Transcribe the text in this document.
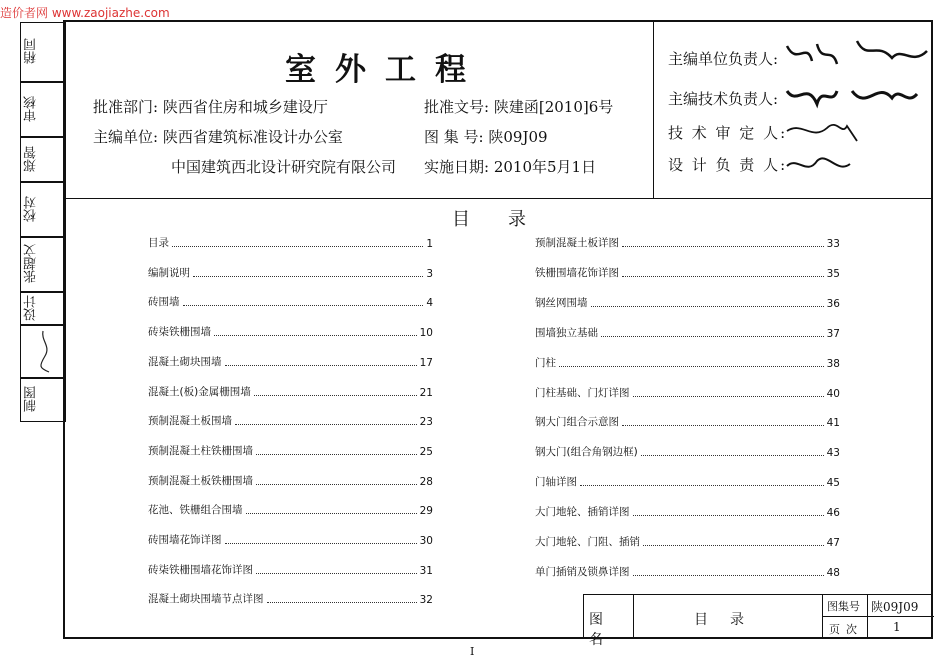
造价者网 www.zaojiazhe.com
制图
设计
张超文
校对
郑智
审核
稍同
室外工程
批准部门: 陕西省住房和城乡建设厅
主编单位: 陕西省建筑标准设计办公室
中国建筑西北设计研究院有限公司
批准文号: 陕建函[2010]6号
图 集 号: 陕09J09
实施日期: 2010年5月1日
主编单位负责人:
主编技术负责人:
技 术 审 定 人:
设 计 负 责 人:
目录
目录	1
编制说明	3
砖围墙	4
砖柒铁栅围墙	10
混凝土砌块围墙	17
混凝土(板)金属栅围墙	21
预制混凝土板围墙	23
预制混凝土柱铁栅围墙	25
预制混凝土板铁栅围墙	28
花池、铁栅组合围墙	29
砖围墙花饰详图	30
砖柒铁栅围墙花饰详图	31
混凝土砌块围墙节点详图	32
预制混凝土板详图	33
铁栅围墙花饰详图	35
钢丝网围墙	36
围墙独立基础	37
门柱	38
门柱基础、门灯详图	40
钢大门组合示意图	41
钢大门(组合角钢边框)	43
门轴详图	45
大门地轮、插销详图	46
大门地轮、门阻、插销	47
单门插销及锁鼻详图	48
图名
目录
图集号 陕09J09
页次	1
I
